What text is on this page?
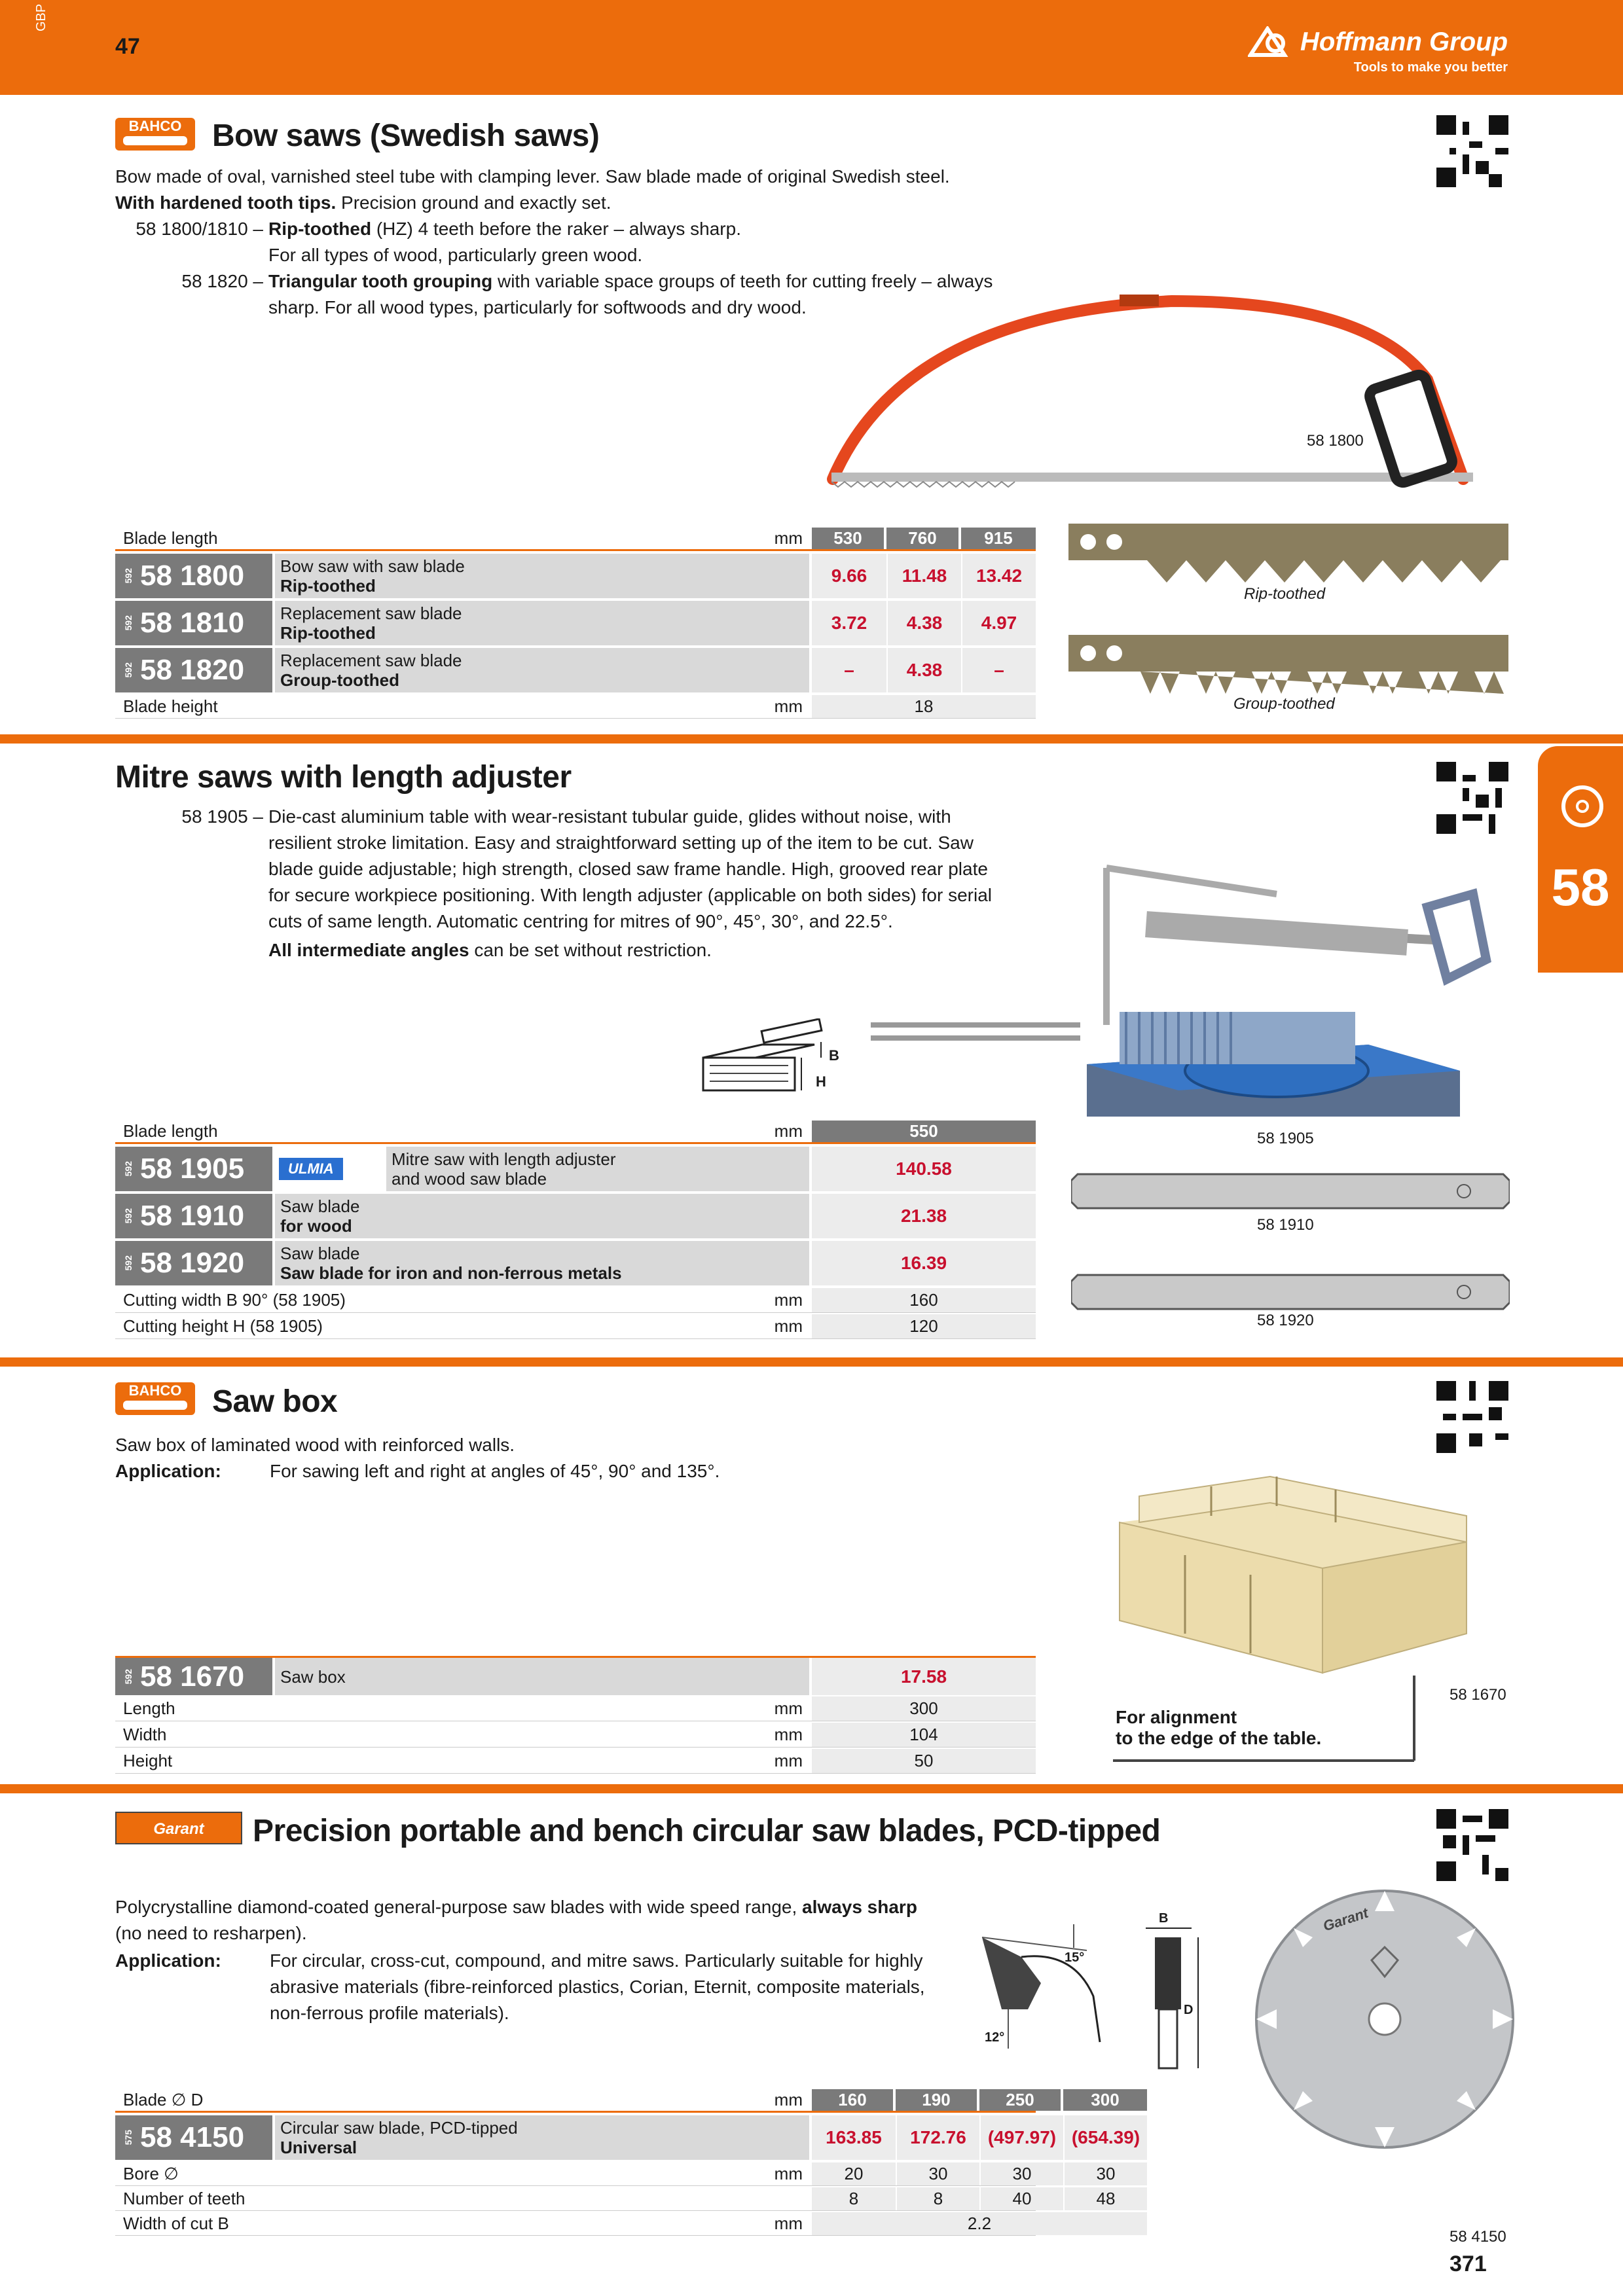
GBP
47	Hoffmann Group
Tools to make you better
58
BAHCO Bow saws (Swedish saws)
Bow made of oval, varnished steel tube with clamping lever. Saw blade made of original Swedish steel.
With hardened tooth tips. Precision ground and exactly set.
58 1800/1810 – Rip-toothed (HZ) 4 teeth before the raker – always sharp.
For all types of wood, particularly green wood.
58 1820 – Triangular tooth grouping with variable space groups of teeth for cutting freely – always
sharp. For all wood types, particularly for softwoods and dry wood.
58 1800
Blade length	mm	530	760	915
592 58 1800 Bow saw with saw blade
Rip-toothed	9.66	11.48	13.42
592 58 1810 Replacement saw blade
Rip-toothed	3.72	4.38	4.97
592 58 1820 Replacement saw blade
Group-toothed	–	4.38	–
Blade height	mm	18
Rip-toothed
Group-toothed
Mitre saws with length adjuster
58 1905 – Die-cast aluminium table with wear-resistant tubular guide, glides without noise, with
resilient stroke limitation. Easy and straightforward setting up of the item to be cut. Saw
blade guide adjustable; high strength, closed saw frame handle. High, grooved rear plate
for secure workpiece positioning. With length adjuster (applicable on both sides) for serial
cuts of same length. Automatic centring for mitres of 90°, 45°, 30°, and 22.5°.
All intermediate angles can be set without restriction.
B
H
58 1905
Blade length	mm	550
592 58 1905	ULMIA	Mitre saw with length adjuster
and wood saw blade	140.58
592 58 1910 Saw blade
for wood	21.38
592 58 1920 Saw blade
Saw blade for iron and non-ferrous metals	16.39
Cutting width B 90° (58 1905)	mm	160
Cutting height H (58 1905)	mm	120
58 1910
58 1920
BAHCO Saw box
Saw box of laminated wood with reinforced walls.
Application:	For sawing left and right at angles of 45°, 90° and 135°.
For alignment
to the edge of the table.
58 1670
592 58 1670 Saw box	17.58
Length	mm	300
Width	mm	104
Height	mm	50
Garant	Precision portable and bench circular saw blades, PCD-tipped
Polycrystalline diamond-coated general-purpose saw blades with wide speed range, always sharp
(no need to resharpen).
Application:	For circular, cross-cut, compound, and mitre saws. Particularly suitable for highly
abrasive materials (fibre-reinforced plastics, Corian, Eternit, composite materials,
non-ferrous profile materials).
15°
12°
B
D
Garant
58 4150
Blade ∅ D	mm	160	190	250	300
575 58 4150 Circular saw blade, PCD-tipped
Universal	163.85	172.76	(497.97) (654.39)
Bore ∅	mm	20	30	30	30
Number of teeth	8	8	40	48
Width of cut B	mm	2.2
371
